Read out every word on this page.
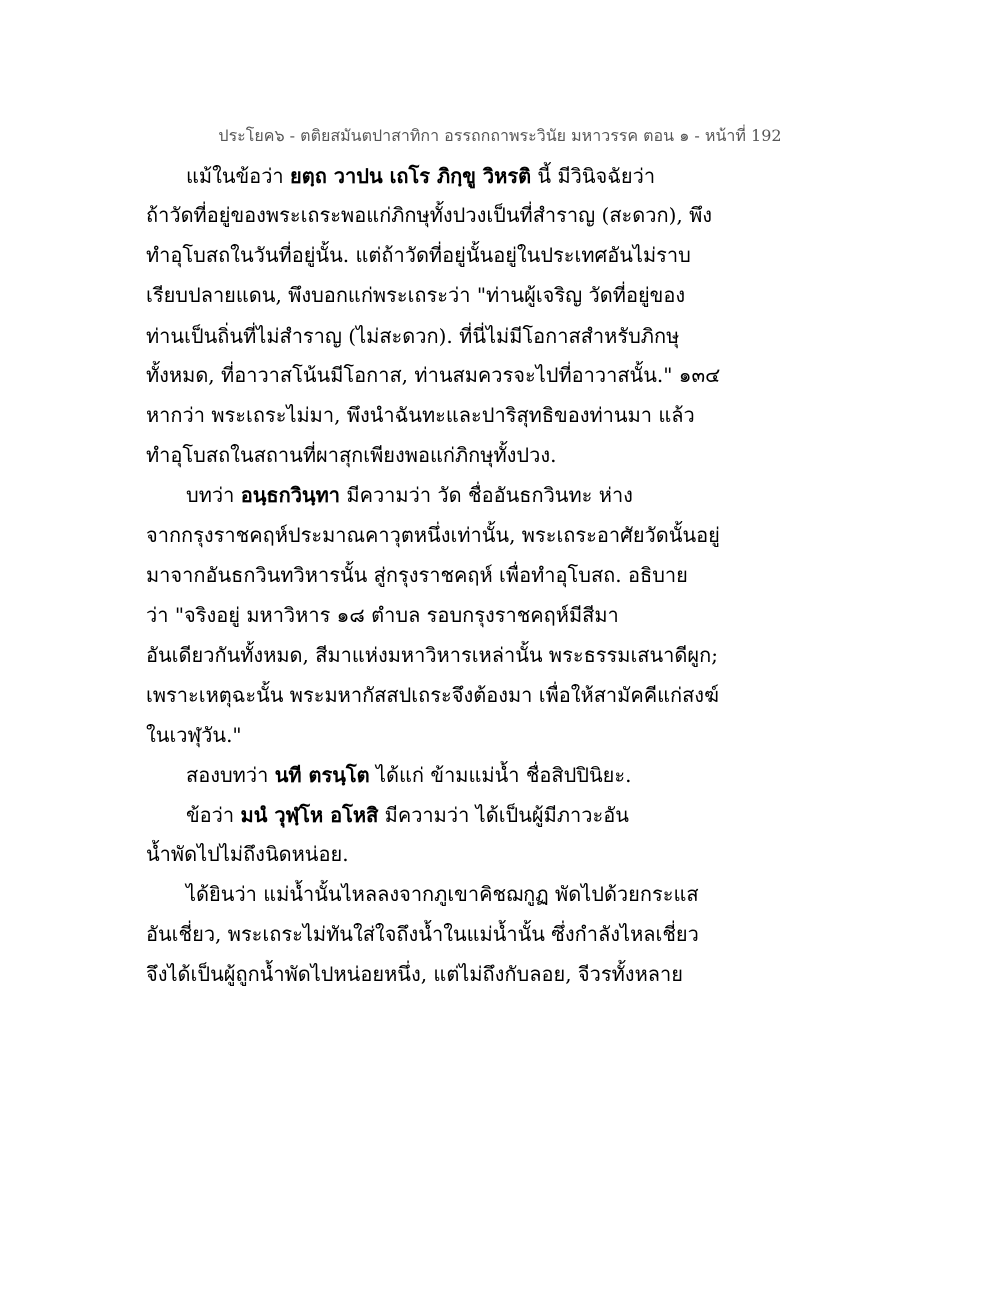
ประโยค๖ - ตติยสมันตปาสาทิกา อรรถกถาพระวินัย มหาวรรค ตอน ๑ - หน้าที่ 192
แม้ในข้อว่า ยตฺถ วาปน เถโร ภิกฺขู วิหรติ นี้ มีวินิจฉัยว่า
ถ้าวัดที่อยู่ของพระเถระพอแก่ภิกษุทั้งปวงเป็นที่สำราญ (สะดวก), พึง
ทำอุโบสถในวันที่อยู่นั้น. แต่ถ้าวัดที่อยู่นั้นอยู่ในประเทศอันไม่ราบ
เรียบปลายแดน, พึงบอกแก่พระเถระว่า "ท่านผู้เจริญ วัดที่อยู่ของ
ท่านเป็นถิ่นที่ไม่สำราญ (ไม่สะดวก). ที่นี่ไม่มีโอกาสสำหรับภิกษุ
ทั้งหมด, ที่อาวาสโน้นมีโอกาส, ท่านสมควรจะไปที่อาวาสนั้น." ๑๓๔
หากว่า พระเถระไม่มา, พึงนำฉันทะและปาริสุทธิของท่านมา แล้ว
ทำอุโบสถในสถานที่ผาสุกเพียงพอแก่ภิกษุทั้งปวง.
บทว่า อนฺธกวินฺทา มีความว่า วัด ชื่ออันธกวินทะ ห่าง
จากกรุงราชคฤห์ประมาณคาวุตหนึ่งเท่านั้น, พระเถระอาศัยวัดนั้นอยู่
มาจากอันธกวินทวิหารนั้น สู่กรุงราชคฤห์ เพื่อทำอุโบสถ. อธิบาย
ว่า "จริงอยู่ มหาวิหาร ๑๘ ตำบล รอบกรุงราชคฤห์มีสีมา
อันเดียวกันทั้งหมด, สีมาแห่งมหาวิหารเหล่านั้น พระธรรมเสนาดีผูก;
เพราะเหตุฉะนั้น พระมหากัสสปเถระจึงต้องมา เพื่อให้สามัคคีแก่สงฆ์
ในเวฬุวัน."
สองบทว่า นที ตรนฺโต ได้แก่ ข้ามแม่น้ำ ชื่อสิปปินิยะ.
ข้อว่า มนํ วุฬฺโห อโหสิ มีความว่า ได้เป็นผู้มีภาวะอัน
น้ำพัดไปไม่ถึงนิดหน่อย.
ได้ยินว่า แม่น้ำนั้นไหลลงจากภูเขาคิชฌกูฏ พัดไปด้วยกระแส
อันเชี่ยว, พระเถระไม่ทันใส่ใจถึงน้ำในแม่น้ำนั้น ซึ่งกำลังไหลเชี่ยว
จึงได้เป็นผู้ถูกน้ำพัดไปหน่อยหนึ่ง, แต่ไม่ถึงกับลอย, จีวรทั้งหลาย
